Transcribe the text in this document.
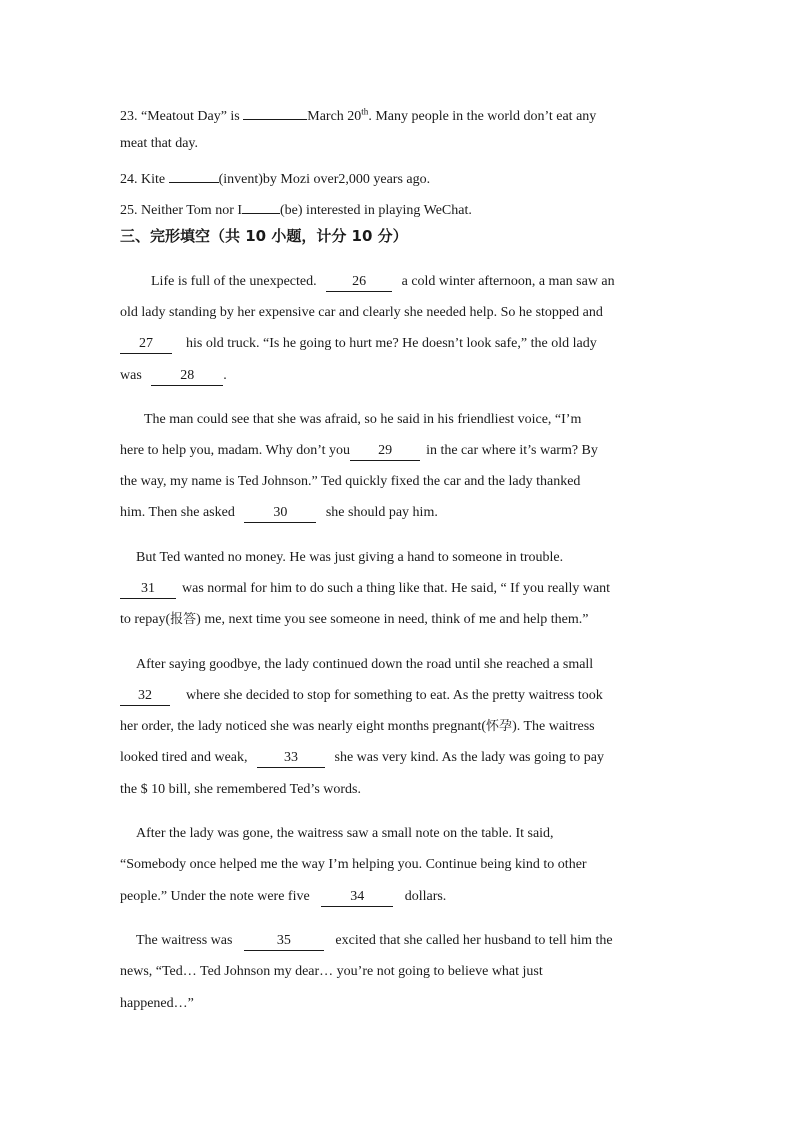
23. “Meatout Day” is	March 20th. Many people in the world don’t eat any
meat that day.
24. Kite	(invent)by Mozi over2,000 years ago.
25. Neither Tom nor I	(be) interested in playing WeChat.
三、完形填空（共 10 小题，计分 10 分）
Life is full of the unexpected.	26	a cold winter afternoon, a man saw an
old lady standing by her expensive car and clearly she needed help. So he stopped and
27 his old truck. “Is he going to hurt me? He doesn’t look safe,” the old lady
was	28 .
The man could see that she was afraid, so he said in his friendliest voice, “I’m
here to help you, madam. Why don’t you 29 in the car where it’s warm? By
the way, my name is Ted Johnson.” Ted quickly fixed the car and the lady thanked
him. Then she asked	30	she should pay him.
But Ted wanted no money. He was just giving a hand to someone in trouble.
31 was normal for him to do such a thing like that. He said, “ If you really want
to repay(报答) me, next time you see someone in need, think of me and help them.”
After saying goodbye, the lady continued down the road until she reached a small
32 where she decided to stop for something to eat. As the pretty waitress took
her order, the lady noticed she was nearly eight months pregnant(怀孕). The waitress
looked tired and weak,	33	she was very kind. As the lady was going to pay
the $ 10 bill, she remembered Ted’s words.
After the lady was gone, the waitress saw a small note on the table. It said,
“Somebody once helped me the way I’m helping you. Continue being kind to other
people.” Under the note were five	34	dollars.
The waitress was	35	excited that she called her husband to tell him the
news, “Ted… Ted Johnson my dear… you’re not going to believe what just
happened…”
